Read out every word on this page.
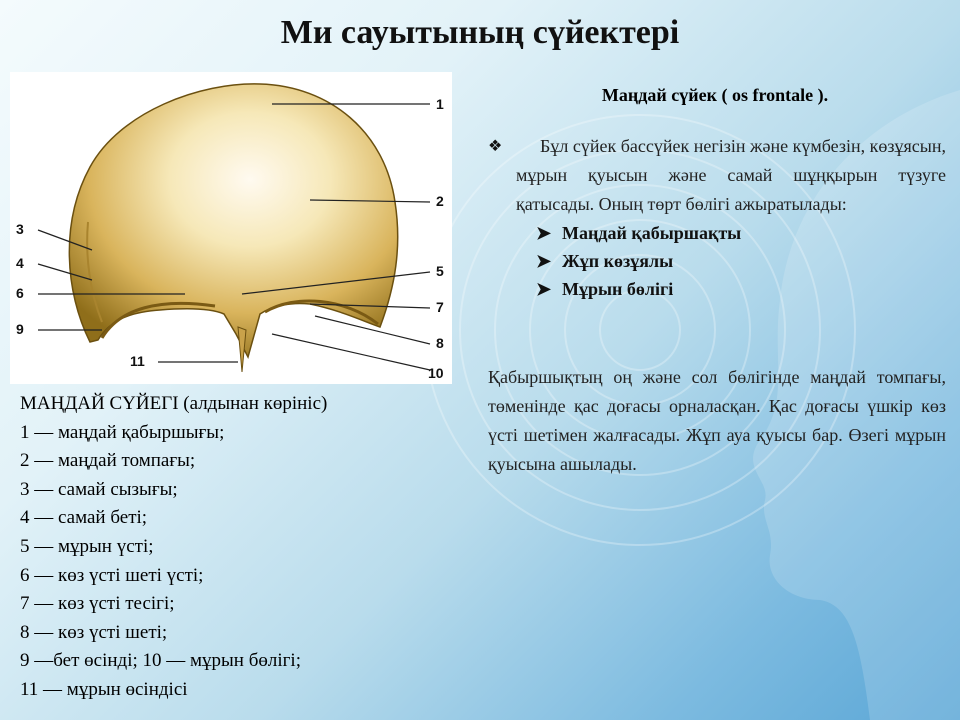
Ми сауытының сүйектері
1
2
3
4	5
6
7
9
8
11
10
МАҢДАЙ СҮЙЕГІ (алдынан көрініс)
1 — маңдай қабыршығы;
2 — маңдай томпағы;
3 — самай сызығы;
4 — самай беті;
5 — мұрын үсті;
6 — көз үсті шеті үсті;
7 — көз үсті тесігі;
8 — көз үсті шеті;
9 —бет өсінді; 10 — мұрын бөлігі;
11 — мұрын өсіндісі
Маңдай сүйек ( os frontale ).
❖	Бұл сүйек бассүйек негізін және күмбезін, көзұясын, мұрын қуысын және самай шұңқырын түзуге қатысады. Оның төрт бөлігі ажыратылады:
➤ Маңдай қабыршақты
➤ Жұп көзұялы
➤ Мұрын бөлігі
Қабыршықтың оң және сол бөлігінде маңдай томпағы, төменінде қас доғасы орналасқан. Қас доғасы үшкір көз үсті шетімен жалғасады. Жұп ауа қуысы бар. Өзегі мұрын қуысына ашылады.
